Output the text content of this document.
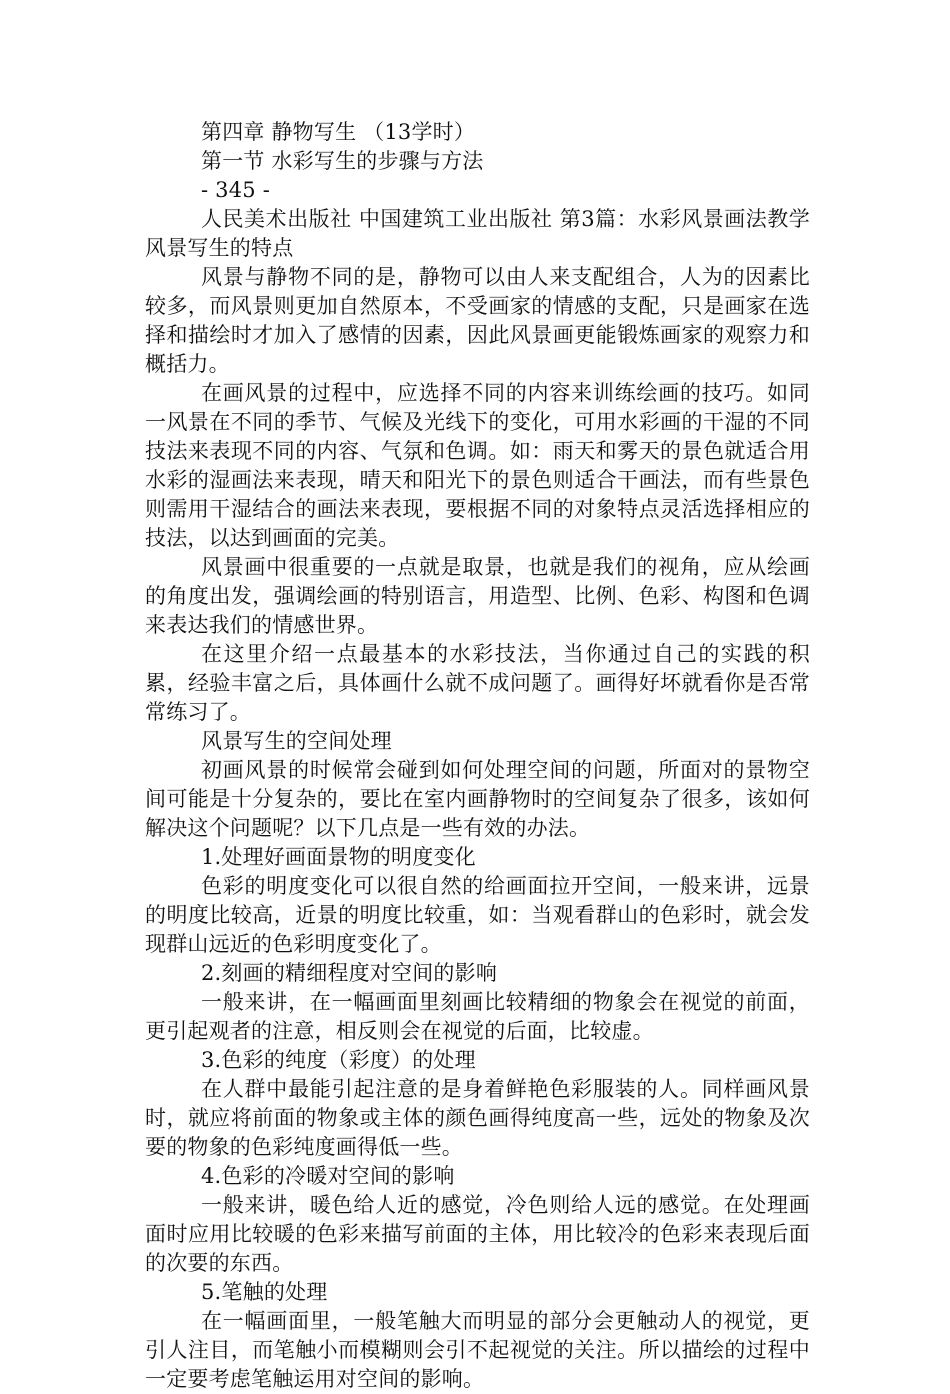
第四章 静物写生 （13学时）

第一节 水彩写生的步骤与方法

- 345 -

人民美术出版社 中国建筑工业出版社 第3篇：水彩风景画法教学风景写生的特点

风景与静物不同的是，静物可以由人来支配组合，人为的因素比较多，而风景则更加自然原本，不受画家的情感的支配，只是画家在选择和描绘时才加入了感情的因素，因此风景画更能锻炼画家的观察力和概括力。

在画风景的过程中，应选择不同的内容来训练绘画的技巧。如同一风景在不同的季节、气候及光线下的变化，可用水彩画的干湿的不同技法来表现不同的内容、气氛和色调。如：雨天和雾天的景色就适合用水彩的湿画法来表现，晴天和阳光下的景色则适合干画法，而有些景色则需用干湿结合的画法来表现，要根据不同的对象特点灵活选择相应的技法，以达到画面的完美。

风景画中很重要的一点就是取景，也就是我们的视角，应从绘画的角度出发，强调绘画的特别语言，用造型、比例、色彩、构图和色调来表达我们的情感世界。

在这里介绍一点最基本的水彩技法，当你通过自己的实践的积累，经验丰富之后，具体画什么就不成问题了。画得好坏就看你是否常常练习了。

风景写生的空间处理

初画风景的时候常会碰到如何处理空间的问题，所面对的景物空间可能是十分复杂的，要比在室内画静物时的空间复杂了很多，该如何解决这个问题呢？以下几点是一些有效的办法。

1.处理好画面景物的明度变化

色彩的明度变化可以很自然的给画面拉开空间，一般来讲，远景的明度比较高，近景的明度比较重，如：当观看群山的色彩时，就会发现群山远近的色彩明度变化了。

2.刻画的精细程度对空间的影响

一般来讲，在一幅画面里刻画比较精细的物象会在视觉的前面，更引起观者的注意，相反则会在视觉的后面，比较虚。

3.色彩的纯度（彩度）的处理

在人群中最能引起注意的是身着鲜艳色彩服装的人。同样画风景时，就应将前面的物象或主体的颜色画得纯度高一些，远处的物象及次要的物象的色彩纯度画得低一些。

4.色彩的冷暖对空间的影响

一般来讲，暖色给人近的感觉，冷色则给人远的感觉。在处理画面时应用比较暖的色彩来描写前面的主体，用比较冷的色彩来表现后面的次要的东西。

5.笔触的处理

在一幅画面里，一般笔触大而明显的部分会更触动人的视觉，更引人注目，而笔触小而模糊则会引不起视觉的关注。所以描绘的过程中一定要考虑笔触运用对空间的影响。
